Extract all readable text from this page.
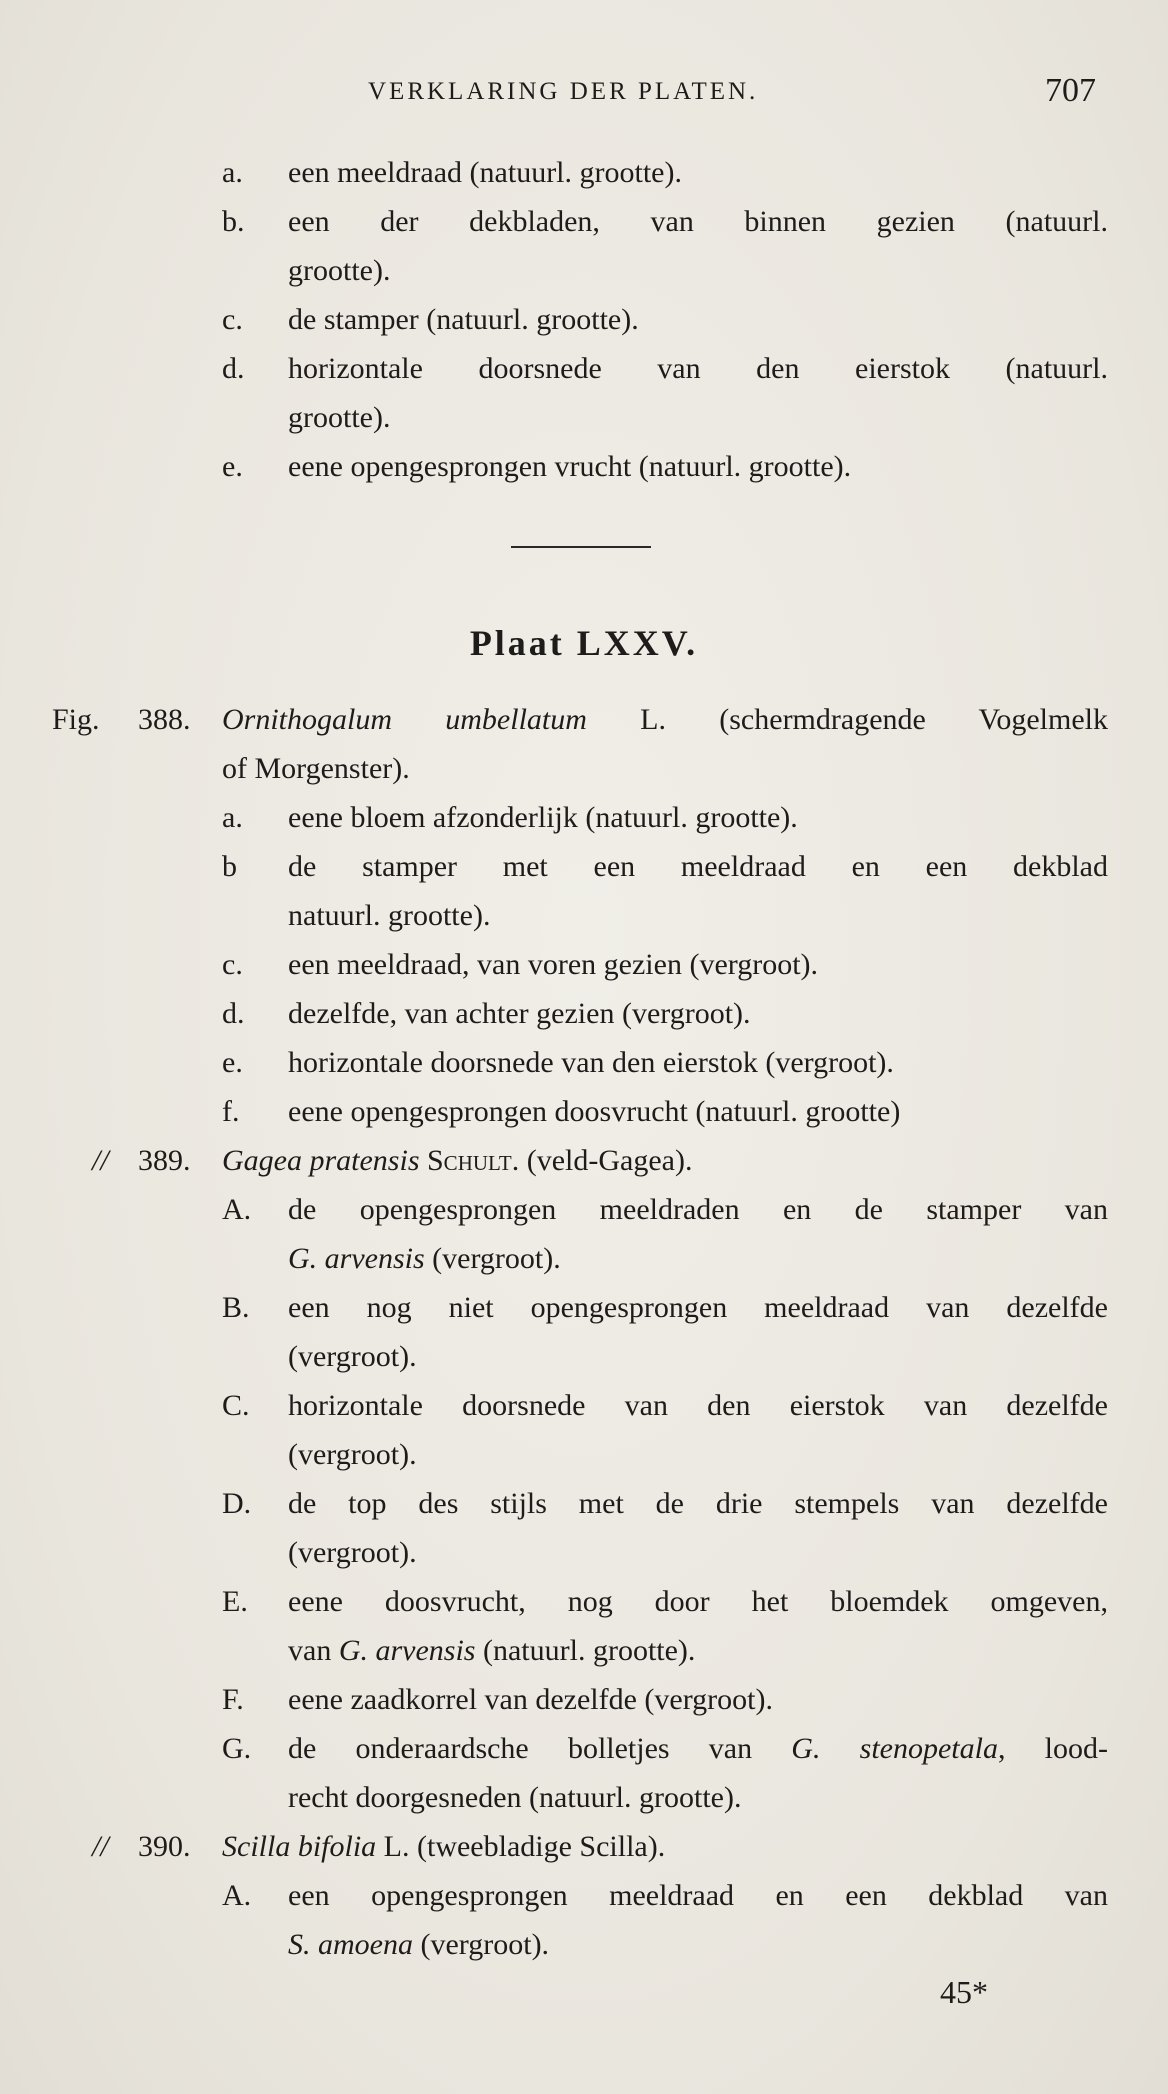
VERKLARING DER PLATEN.	707
a. een meeldraad (natuurl. grootte).
b. een der dekbladen, van binnen gezien (natuurl.
grootte).
c. de stamper (natuurl. grootte).
d. horizontale doorsnede van den eierstok (natuurl.
grootte).
e. eene opengesprongen vrucht (natuurl. grootte).
Plaat LXXV.
Fig. 388. Ornithogalum umbellatum L. (schermdragende Vogelmelk
of Morgenster).
a. eene bloem afzonderlijk (natuurl. grootte).
b de stamper met een meeldraad en een dekblad
natuurl. grootte).
c. een meeldraad, van voren gezien (vergroot).
d. dezelfde, van achter gezien (vergroot).
e. horizontale doorsnede van den eierstok (vergroot).
f. eene opengesprongen doosvrucht (natuurl. grootte)
// 389. Gagea pratensis Schult. (veld-Gagea).
A. de opengesprongen meeldraden en de stamper van
G. arvensis (vergroot).
B. een nog niet opengesprongen meeldraad van dezelfde
(vergroot).
C. horizontale doorsnede van den eierstok van dezelfde
(vergroot).
D. de top des stijls met de drie stempels van dezelfde
(vergroot).
E. eene doosvrucht, nog door het bloemdek omgeven,
van G. arvensis (natuurl. grootte).
F. eene zaadkorrel van dezelfde (vergroot).
G. de onderaardsche bolletjes van G. stenopetala, lood-
recht doorgesneden (natuurl. grootte).
// 390. Scilla bifolia L. (tweebladige Scilla).
A. een opengesprongen meeldraad en een dekblad van
S. amoena (vergroot).
45*
